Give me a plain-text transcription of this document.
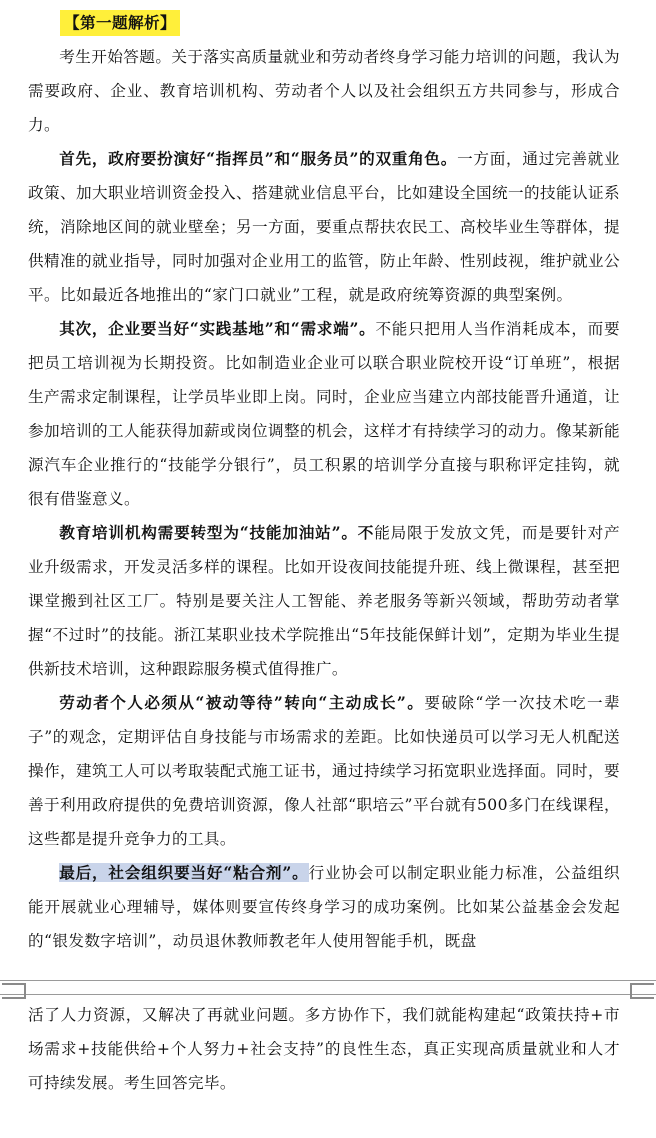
【第一题解析】

考生开始答题。关于落实高质量就业和劳动者终身学习能力培训的问题，我认为需要政府、企业、教育培训机构、劳动者个人以及社会组织五方共同参与，形成合力。

首先，政府要扮演好“指挥员”和“服务员”的双重角色。一方面，通过完善就业政策、加大职业培训资金投入、搭建就业信息平台，比如建设全国统一的技能认证系统，消除地区间的就业壁垒；另一方面，要重点帮扶农民工、高校毕业生等群体，提供精准的就业指导，同时加强对企业用工的监管，防止年龄、性别歧视，维护就业公平。比如最近各地推出的“家门口就业”工程，就是政府统筹资源的典型案例。

其次，企业要当好“实践基地”和“需求端”。不能只把用人当作消耗成本，而要把员工培训视为长期投资。比如制造业企业可以联合职业院校开设“订单班”，根据生产需求定制课程，让学员毕业即上岗。同时，企业应当建立内部技能晋升通道，让参加培训的工人能获得加薪或岗位调整的机会，这样才有持续学习的动力。像某新能源汽车企业推行的“技能学分银行”，员工积累的培训学分直接与职称评定挂钩，就很有借鉴意义。

教育培训机构需要转型为“技能加油站”。不能局限于发放文凭，而是要针对产业升级需求，开发灵活多样的课程。比如开设夜间技能提升班、线上微课程，甚至把课堂搬到社区工厂。特别是要关注人工智能、养老服务等新兴领域，帮助劳动者掌握“不过时”的技能。浙江某职业技术学院推出“5年技能保鲜计划”，定期为毕业生提供新技术培训，这种跟踪服务模式值得推广。

劳动者个人必须从“被动等待”转向“主动成长”。要破除“学一次技术吃一辈子”的观念，定期评估自身技能与市场需求的差距。比如快递员可以学习无人机配送操作，建筑工人可以考取装配式施工证书，通过持续学习拓宽职业选择面。同时，要善于利用政府提供的免费培训资源，像人社部“职培云”平台就有500多门在线课程，这些都是提升竞争力的工具。

最后，社会组织要当好“粘合剂”。行业协会可以制定职业能力标准，公益组织能开展就业心理辅导，媒体则要宣传终身学习的成功案例。比如某公益基金会发起的“银发数字培训”，动员退休教师教老年人使用智能手机，既盘

活了人力资源，又解决了再就业问题。多方协作下，我们就能构建起“政策扶持+市场需求+技能供给+个人努力+社会支持”的良性生态，真正实现高质量就业和人才可持续发展。考生回答完毕。
